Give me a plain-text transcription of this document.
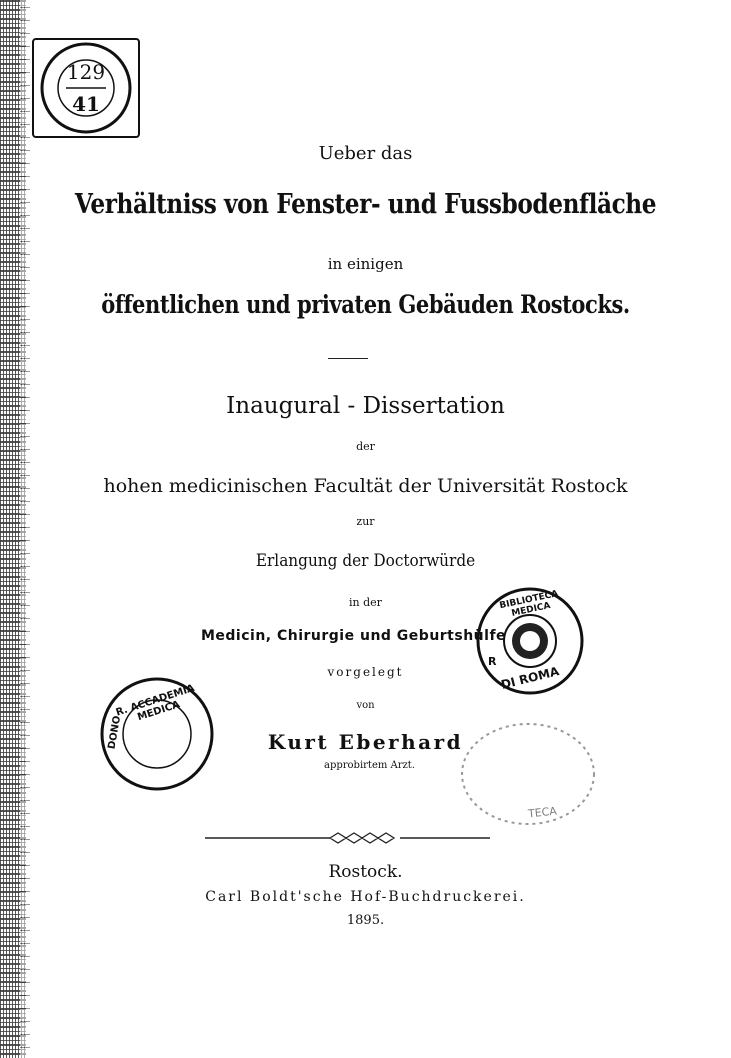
129
41
Ueber das
Verhältniss von Fenster- und Fussbodenfläche
in einigen
öffentlichen und privaten Gebäuden Rostocks.
Inaugural - Dissertation
der
hohen medicinischen Facultät der Universität Rostock
zur
Erlangung der Doctorwürde
in der
Medicin, Chirurgie und Geburtshülfe
vorgelegt
von
Kurt Eberhard
approbirtem Arzt.
Rostock.
Carl Boldt'sche Hof-Buchdruckerei.
1895.
BIBLIOTECA MEDICA
DI ROMA
R
R. ACCADEMIA MEDICA
DONO
TECA
